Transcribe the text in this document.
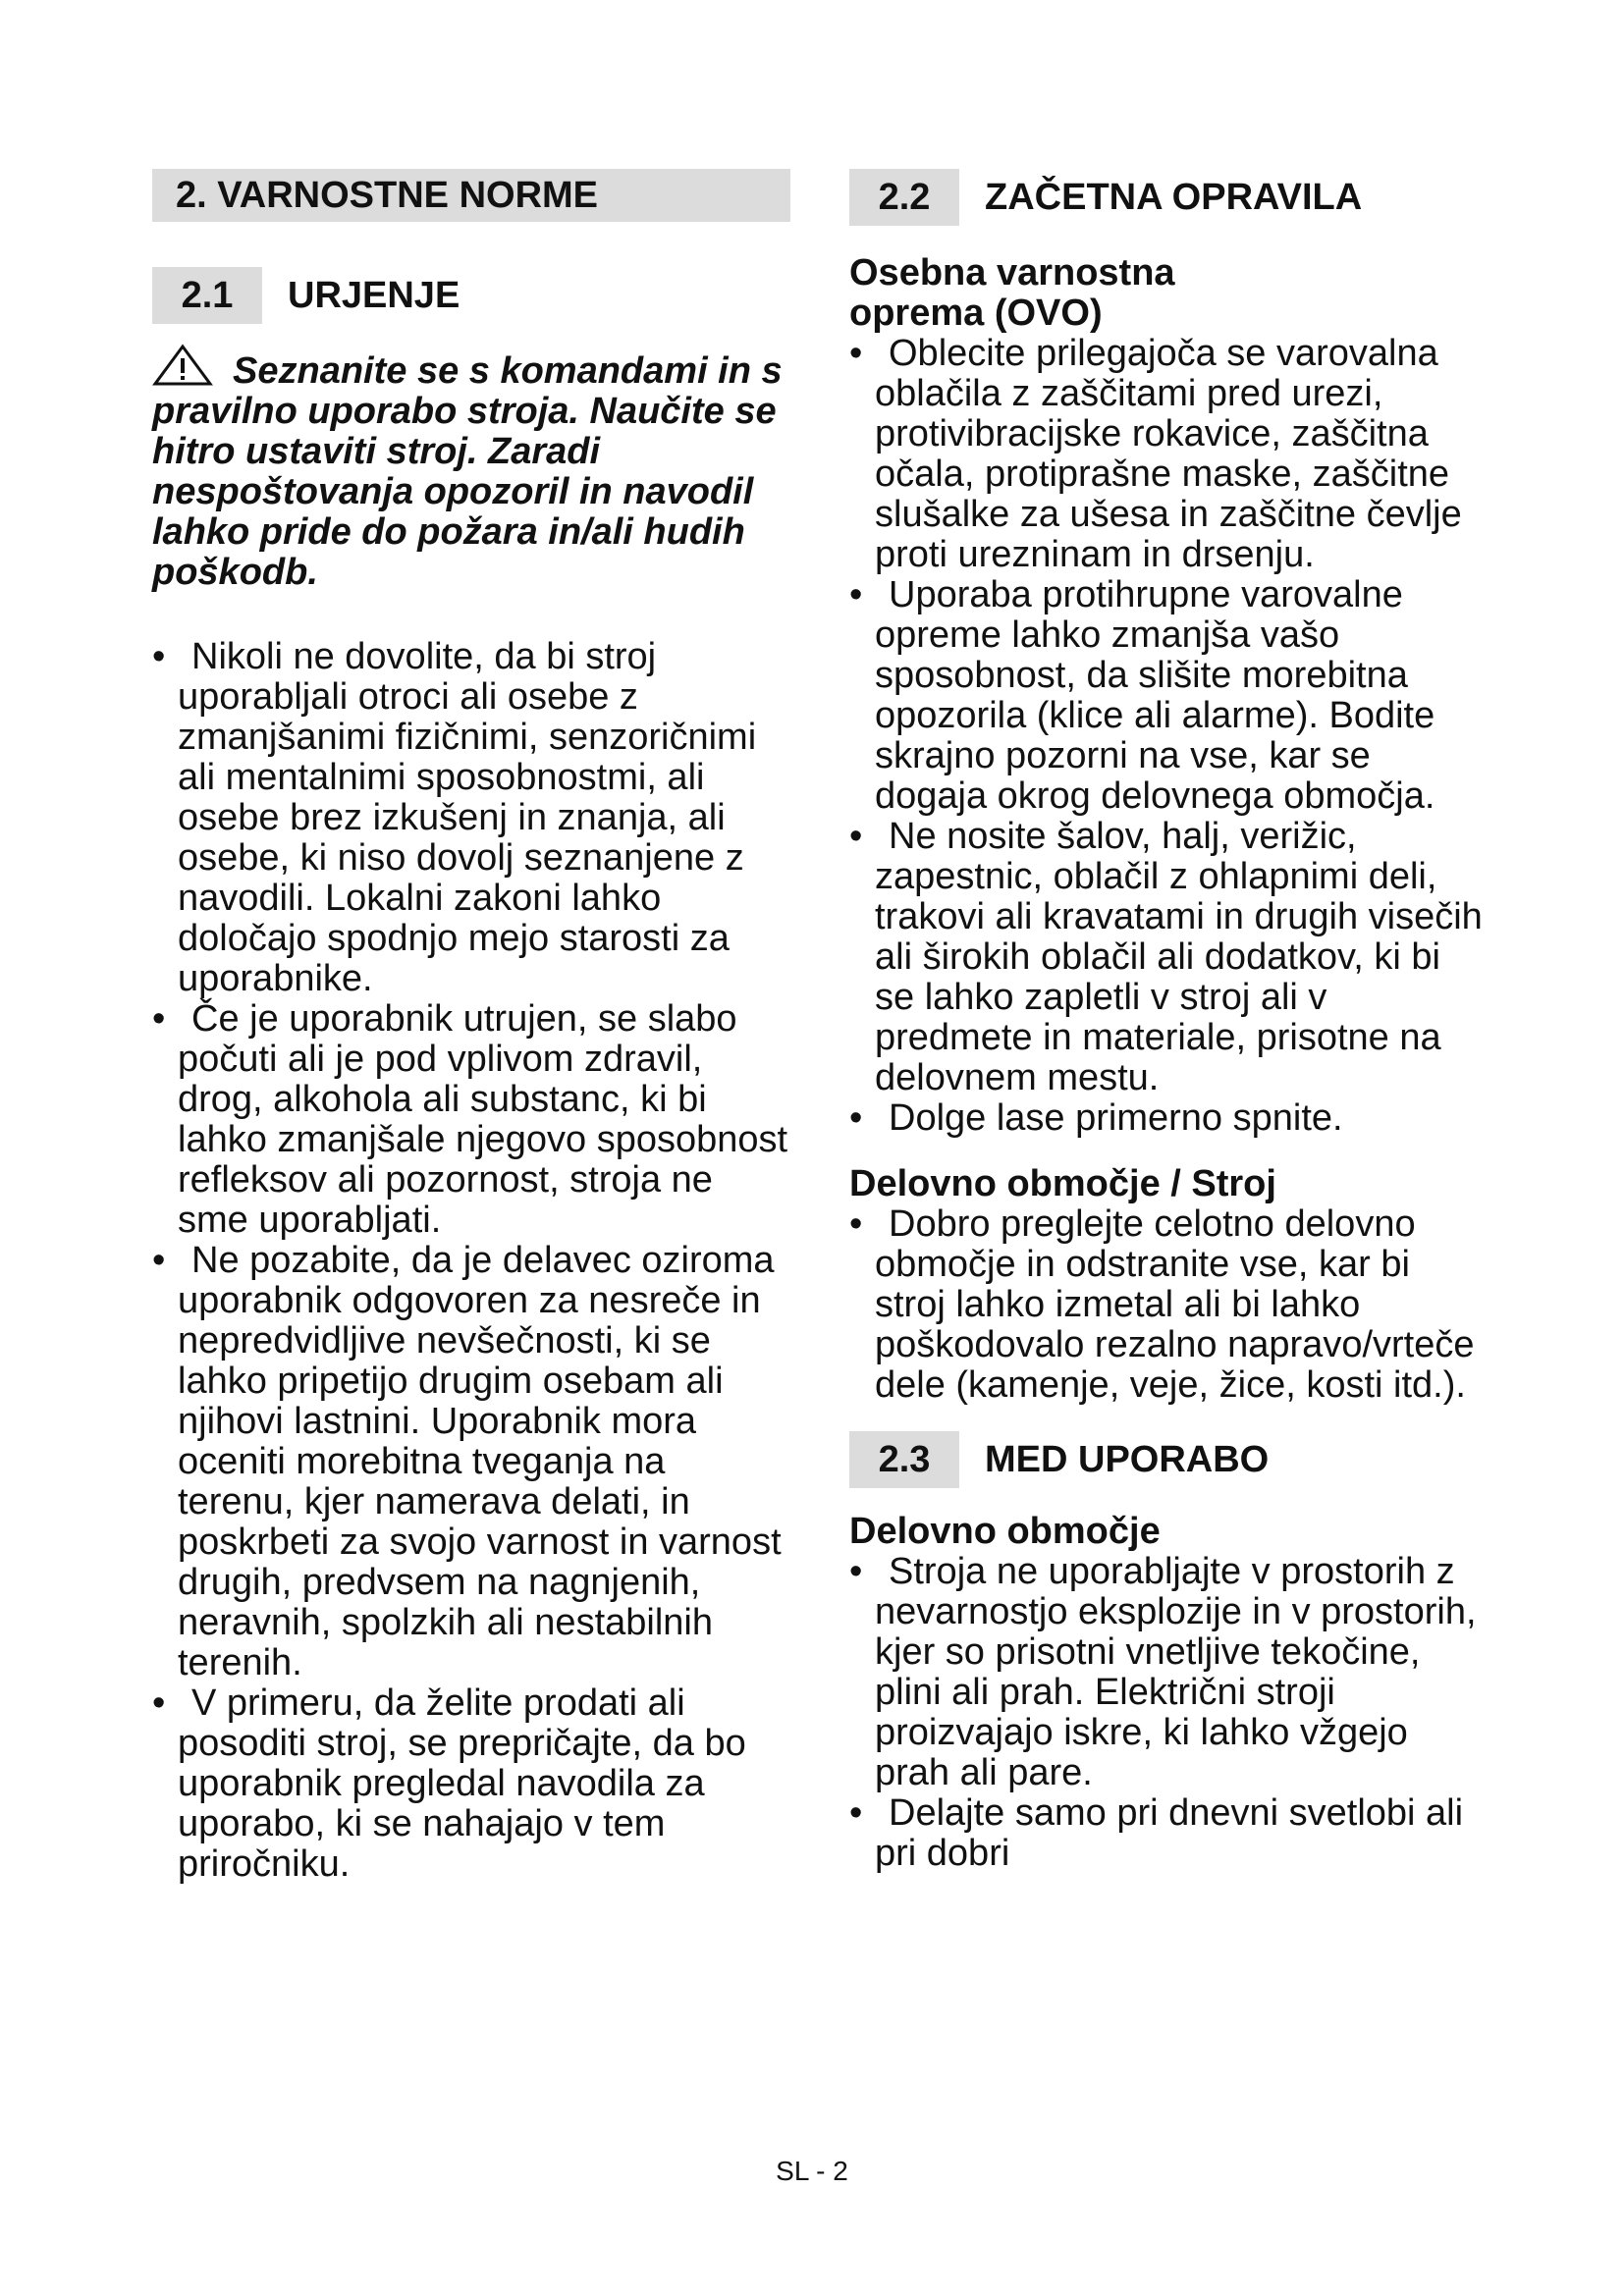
2. VARNOSTNE NORME
2.1	URJENJE
Seznanite se s komandami in s pravilno uporabo stroja. Naučite se hitro ustaviti stroj. Zaradi nespoštovanja opozoril in navodil lahko pride do požara in/ali hudih poškodb.
• Nikoli ne dovolite, da bi stroj uporabljali otroci ali osebe z zmanjšanimi fizičnimi, senzoričnimi ali mentalnimi sposobnostmi, ali osebe brez izkušenj in znanja, ali osebe, ki niso dovolj seznanjene z navodili. Lokalni zakoni lahko določajo spodnjo mejo starosti za uporabnike.
• Če je uporabnik utrujen, se slabo počuti ali je pod vplivom zdravil, drog, alkohola ali substanc, ki bi lahko zmanjšale njegovo sposobnost refleksov ali pozornost, stroja ne sme uporabljati.
• Ne pozabite, da je delavec oziroma uporabnik odgovoren za nesreče in nepredvidljive nevšečnosti, ki se lahko pripetijo drugim osebam ali njihovi lastnini. Uporabnik mora oceniti morebitna tveganja na terenu, kjer namerava delati, in poskrbeti za svojo varnost in varnost drugih, predvsem na nagnjenih, neravnih, spolzkih ali nestabilnih terenih.
• V primeru, da želite prodati ali posoditi stroj, se prepričajte, da bo uporabnik pregledal navodila za uporabo, ki se nahajajo v tem priročniku.
2.2	ZAČETNA OPRAVILA
Osebna varnostna oprema (OVO)
• Oblecite prilegajoča se varovalna oblačila z zaščitami pred urezi, protivibracijske rokavice, zaščitna očala, protiprašne maske, zaščitne slušalke za ušesa in zaščitne čevlje proti urezninam in drsenju.
• Uporaba protihrupne varovalne opreme lahko zmanjša vašo sposobnost, da slišite morebitna opozorila (klice ali alarme). Bodite skrajno pozorni na vse, kar se dogaja okrog delovnega območja.
• Ne nosite šalov, halj, verižic, zapestnic, oblačil z ohlapnimi deli, trakovi ali kravatami in drugih visečih ali širokih oblačil ali dodatkov, ki bi se lahko zapletli v stroj ali v predmete in materiale, prisotne na delovnem mestu.
• Dolge lase primerno spnite.
Delovno območje / Stroj
• Dobro preglejte celotno delovno območje in odstranite vse, kar bi stroj lahko izmetal ali bi lahko poškodovalo rezalno napravo/vrteče dele (kamenje, veje, žice, kosti itd.).
2.3	MED UPORABO
Delovno območje
• Stroja ne uporabljajte v prostorih z nevarnostjo eksplozije in v prostorih, kjer so prisotni vnetljive tekočine, plini ali prah. Električni stroji proizvajajo iskre, ki lahko vžgejo prah ali pare.
• Delajte samo pri dnevni svetlobi ali pri dobri
SL - 2
